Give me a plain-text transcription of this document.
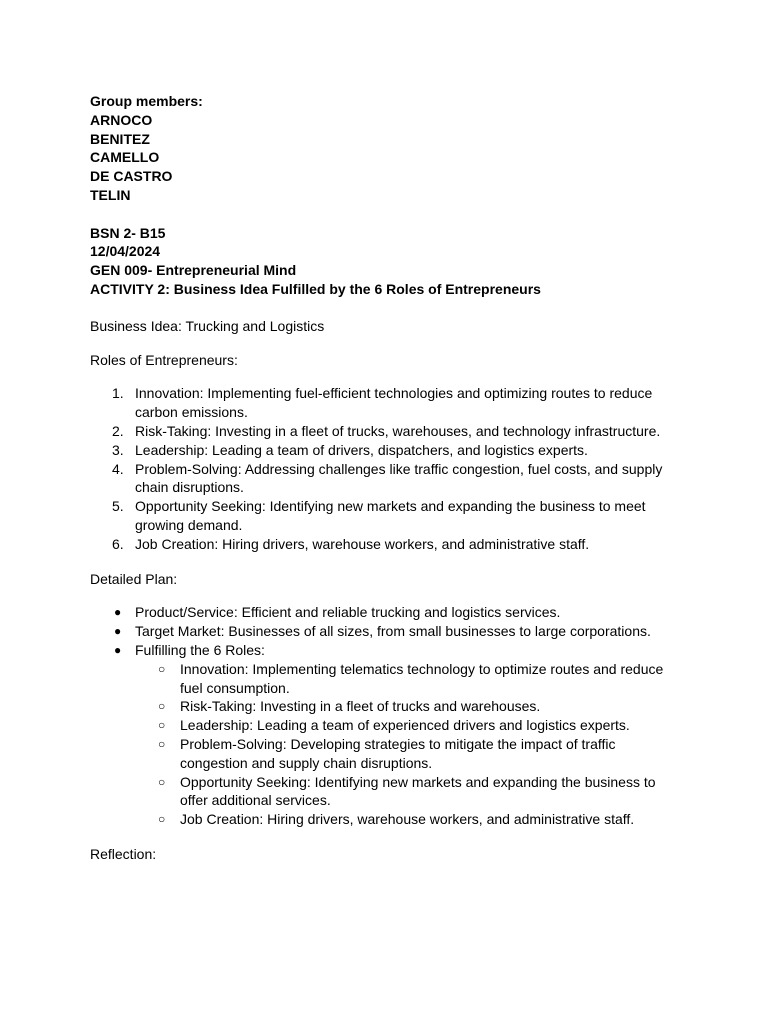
Group members:
ARNOCO
BENITEZ
CAMELLO
DE CASTRO
TELIN
BSN 2- B15
12/04/2024
GEN 009- Entrepreneurial Mind
ACTIVITY 2: Business Idea Fulfilled by the 6 Roles of Entrepreneurs
Business Idea: Trucking and Logistics
Roles of Entrepreneurs:
1. Innovation: Implementing fuel-efficient technologies and optimizing routes to reduce carbon emissions.
2. Risk-Taking: Investing in a fleet of trucks, warehouses, and technology infrastructure.
3. Leadership: Leading a team of drivers, dispatchers, and logistics experts.
4. Problem-Solving: Addressing challenges like traffic congestion, fuel costs, and supply chain disruptions.
5. Opportunity Seeking: Identifying new markets and expanding the business to meet growing demand.
6. Job Creation: Hiring drivers, warehouse workers, and administrative staff.
Detailed Plan:
● Product/Service: Efficient and reliable trucking and logistics services.
● Target Market: Businesses of all sizes, from small businesses to large corporations.
● Fulfilling the 6 Roles:
○ Innovation: Implementing telematics technology to optimize routes and reduce fuel consumption.
○ Risk-Taking: Investing in a fleet of trucks and warehouses.
○ Leadership: Leading a team of experienced drivers and logistics experts.
○ Problem-Solving: Developing strategies to mitigate the impact of traffic congestion and supply chain disruptions.
○ Opportunity Seeking: Identifying new markets and expanding the business to offer additional services.
○ Job Creation: Hiring drivers, warehouse workers, and administrative staff.
Reflection:
